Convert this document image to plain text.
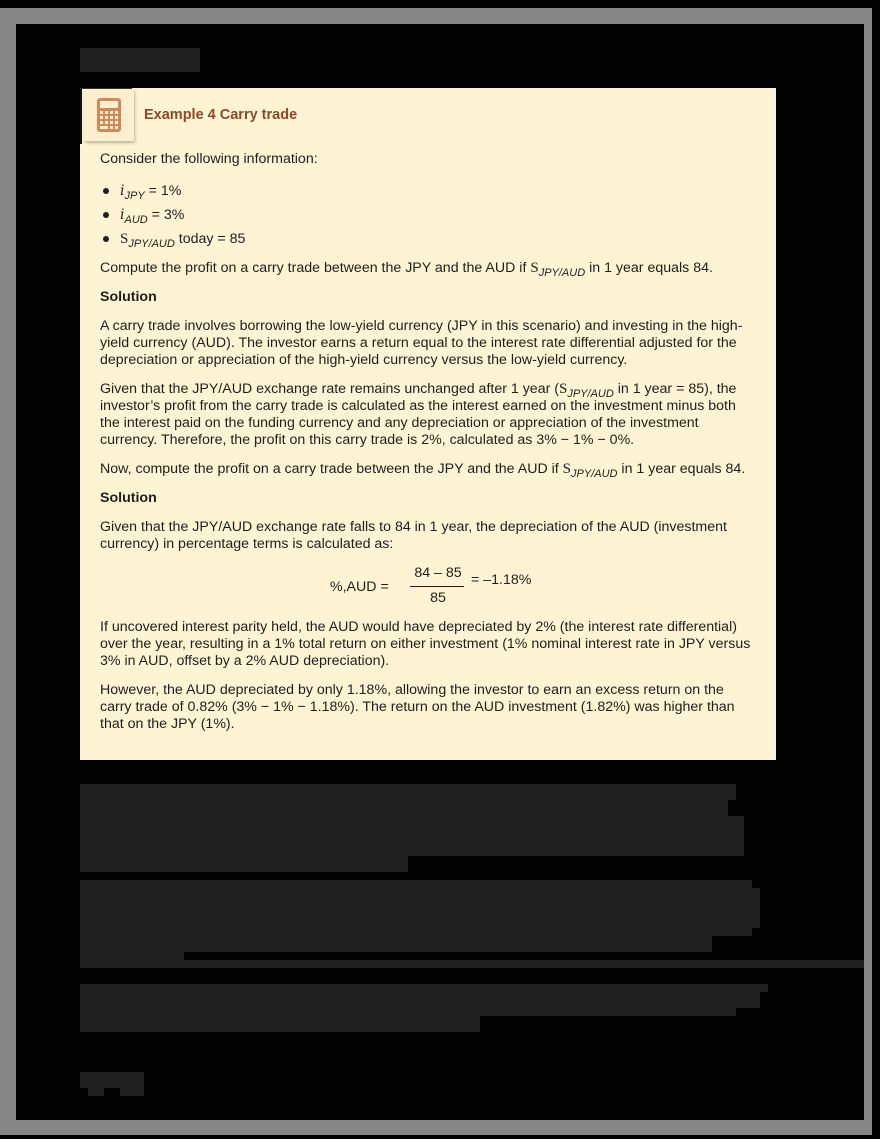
Example 4 Carry trade

Consider the following information:

$i_{JPY} = 1\%$
$i_{AUD} = 3\%$
$S_{JPY/AUD}$ today = 85

Compute the profit on a carry trade between the JPY and the AUD if $S_{JPY/AUD}$ in 1 year equals 84.

Solution

A carry trade involves borrowing the low-yield currency (JPY in this scenario) and investing in the high-yield currency (AUD). The investor earns a return equal to the interest rate differential adjusted for the depreciation or appreciation of the high-yield currency versus the low-yield currency.

Given that the JPY/AUD exchange rate remains unchanged after 1 year ($S_{JPY/AUD}$ in 1 year = 85), the investor’s profit from the carry trade is calculated as the interest earned on the investment minus both the interest paid on the funding currency and any depreciation or appreciation of the investment currency. Therefore, the profit on this carry trade is 2%, calculated as 3% − 1% − 0%.

Now, compute the profit on a carry trade between the JPY and the AUD if $S_{JPY/AUD}$ in 1 year equals 84.

Solution

Given that the JPY/AUD exchange rate falls to 84 in 1 year, the depreciation of the AUD (investment currency) in percentage terms is calculated as:

%,AUD =
84 – 85
85
= –1.18%

If uncovered interest parity held, the AUD would have depreciated by 2% (the interest rate differential) over the year, resulting in a 1% total return on either investment (1% nominal interest rate in JPY versus 3% in AUD, offset by a 2% AUD depreciation).

However, the AUD depreciated by only 1.18%, allowing the investor to earn an excess return on the carry trade of 0.82% (3% − 1% − 1.18%). The return on the AUD investment (1.82%) was higher than that on the JPY (1%).
